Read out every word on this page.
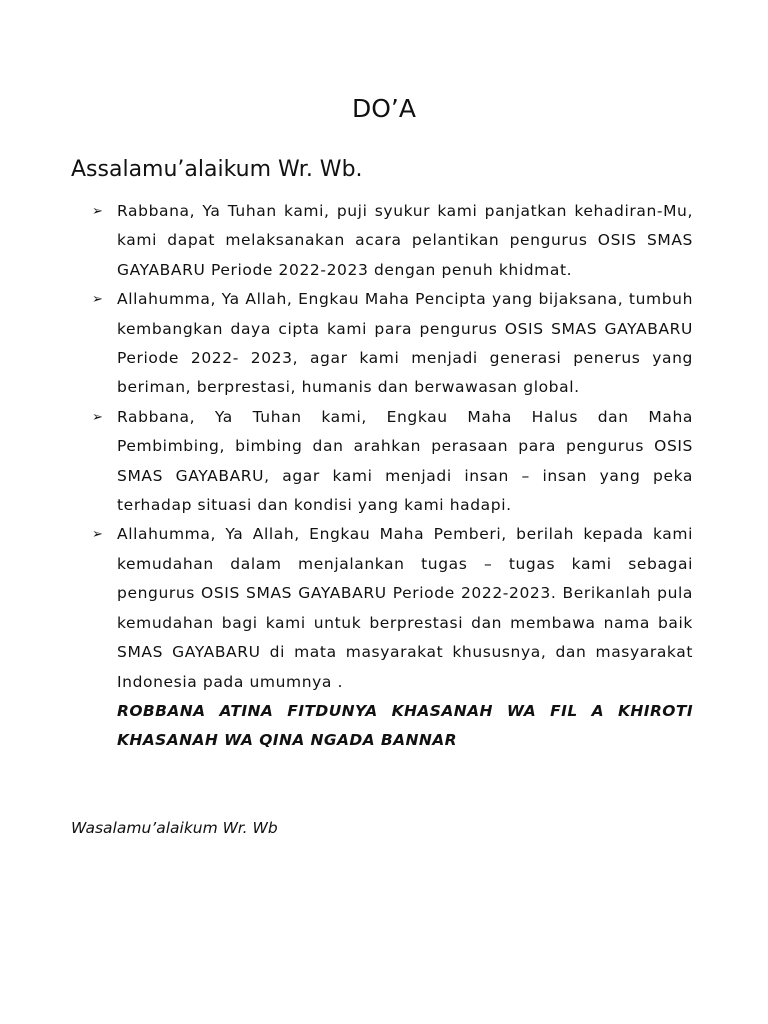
DO’A

Assalamu’alaikum Wr. Wb.

➢ Rabbana, Ya Tuhan kami, puji syukur kami panjatkan kehadiran-Mu, kami dapat melaksanakan acara pelantikan pengurus OSIS SMAS GAYABARU Periode 2022-2023 dengan penuh khidmat.
➢ Allahumma, Ya Allah, Engkau Maha Pencipta yang bijaksana, tumbuh kembangkan daya cipta kami para pengurus OSIS SMAS GAYABARU Periode 2022- 2023, agar kami menjadi generasi penerus yang beriman, berprestasi, humanis dan berwawasan global.
➢ Rabbana, Ya Tuhan kami, Engkau Maha Halus dan Maha Pembimbing, bimbing dan arahkan perasaan para pengurus OSIS SMAS GAYABARU, agar kami menjadi insan – insan yang peka terhadap situasi dan kondisi yang kami hadapi.
➢ Allahumma, Ya Allah, Engkau Maha Pemberi, berilah kepada kami kemudahan dalam menjalankan tugas – tugas kami sebagai pengurus OSIS SMAS GAYABARU Periode 2022-2023. Berikanlah pula kemudahan bagi kami untuk berprestasi dan membawa nama baik SMAS GAYABARU di mata masyarakat khususnya, dan masyarakat Indonesia pada umumnya .
ROBBANA ATINA FITDUNYA KHASANAH WA FIL A KHIROTI KHASANAH WA QINA NGADA BANNAR

Wasalamu’alaikum Wr. Wb
